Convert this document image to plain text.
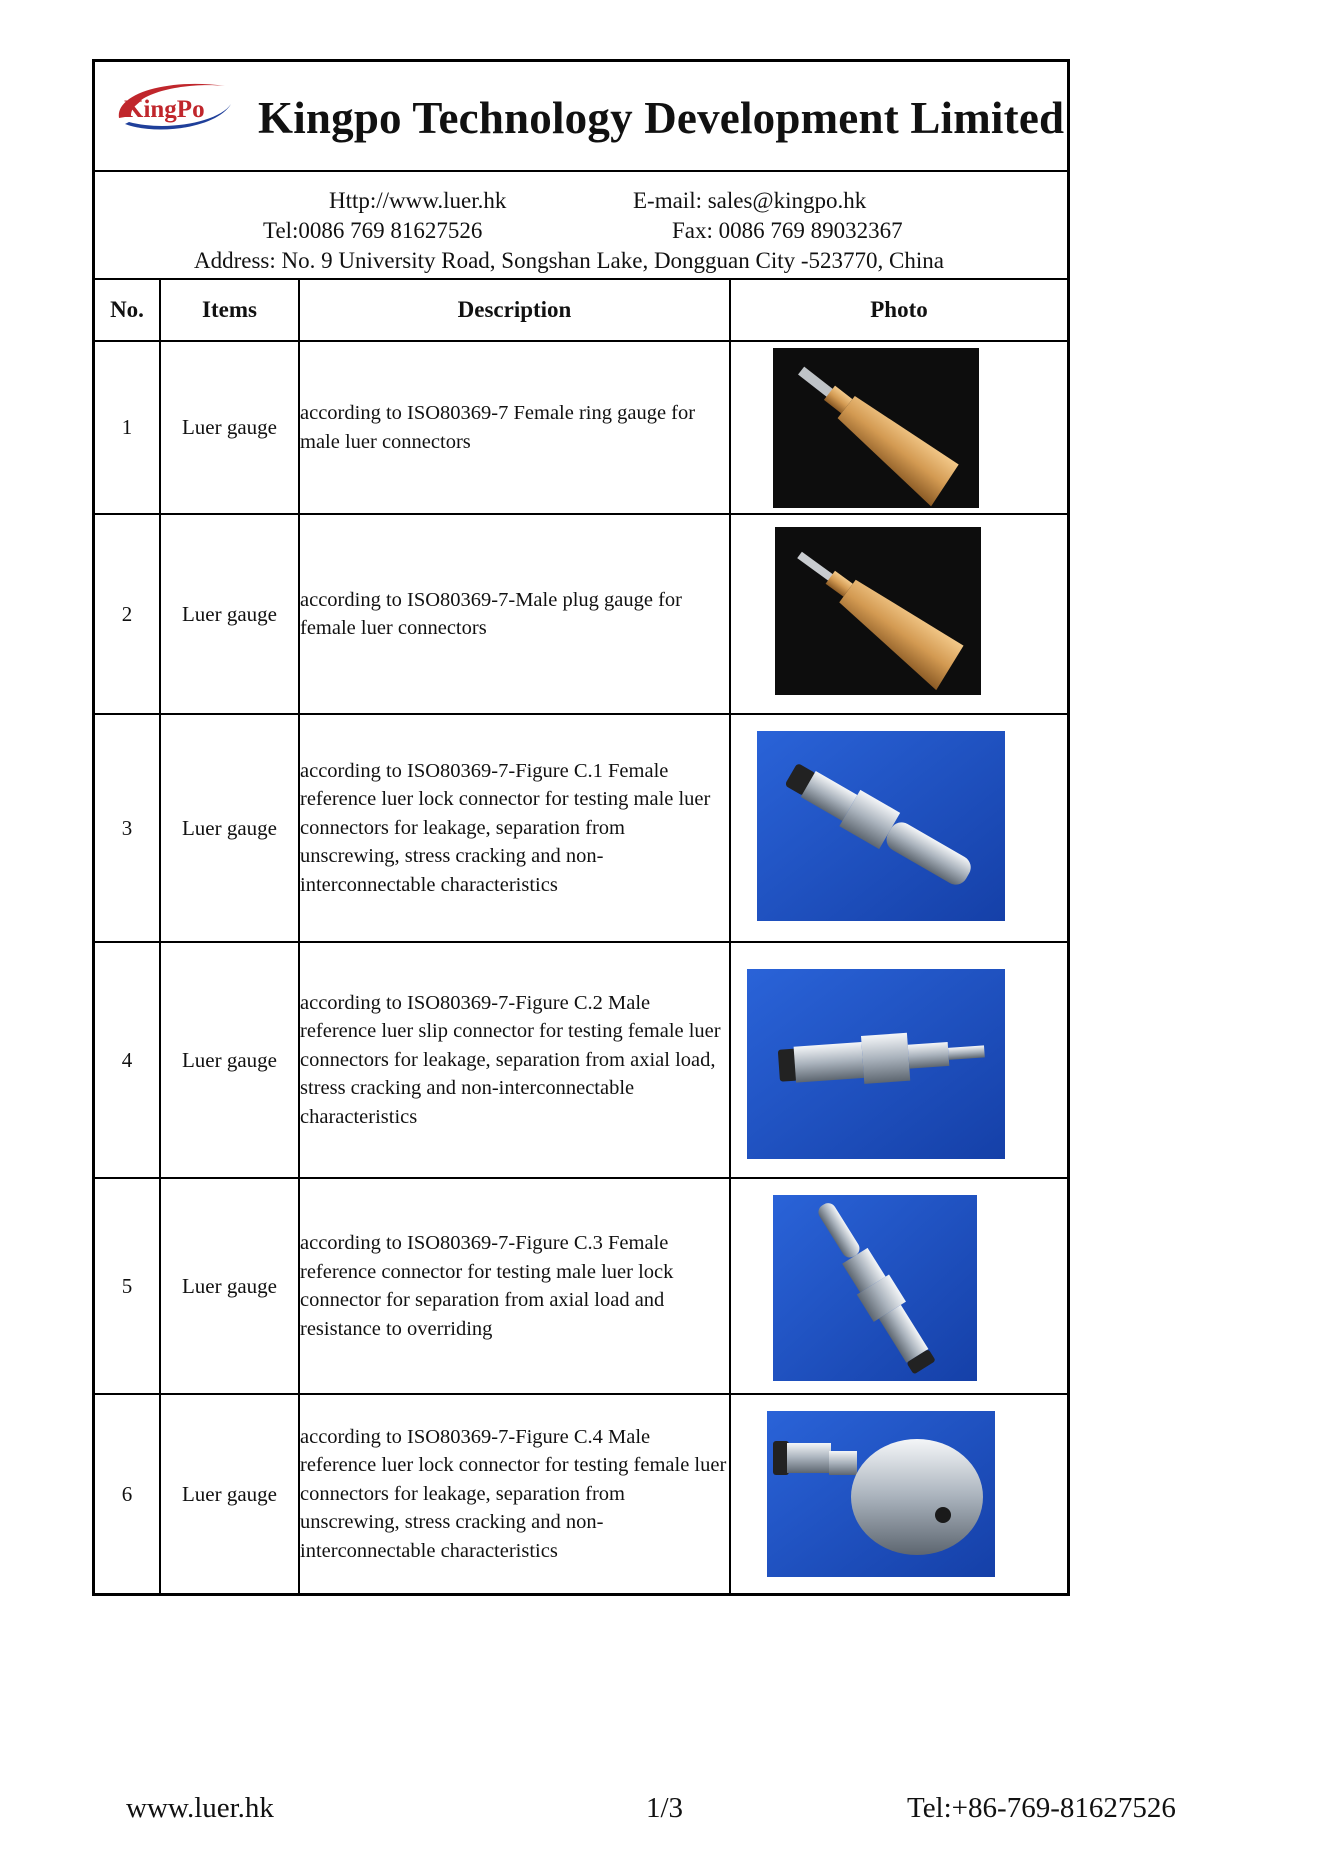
KingPo Kingpo Technology Development Limited
Http://www.luer.hk	E-mail: sales@kingpo.hk
Tel:0086 769 81627526	Fax: 0086 769 89032367
Address: No. 9 University Road, Songshan Lake, Dongguan City -523770, China
No.	Items	Description	Photo
1	Luer gauge	according to ISO80369-7 Female ring gauge for male luer connectors	

2	Luer gauge	according to ISO80369-7-Male plug gauge for female luer connectors	

3	Luer gauge	according to ISO80369-7-Figure C.1 Female reference luer lock connector for testing male luer connectors for leakage, separation from unscrewing, stress cracking and non-interconnectable characteristics	

4	Luer gauge	according to ISO80369-7-Figure C.2 Male reference luer slip connector for testing female luer connectors for leakage, separation from axial load, stress cracking and non-interconnectable characteristics	

5	Luer gauge	according to ISO80369-7-Figure C.3 Female reference connector for testing male luer lock connector for separation from axial load and resistance to overriding	

6	Luer gauge	according to ISO80369-7-Figure C.4 Male reference luer lock connector for testing female luer connectors for leakage, separation from unscrewing, stress cracking and non-interconnectable characteristics	
www.luer.hk	1/3	Tel:+86-769-81627526
